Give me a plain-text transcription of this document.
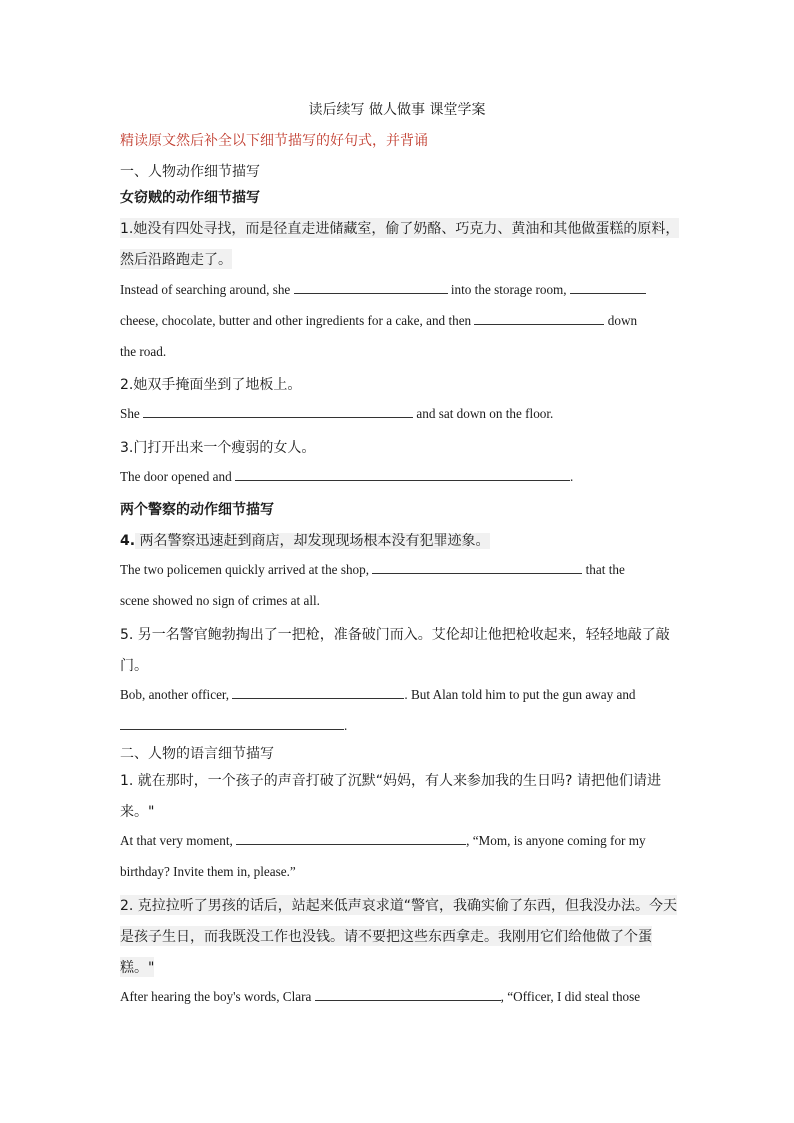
读后续写 做人做事 课堂学案
精读原文然后补全以下细节描写的好句式，并背诵
一、人物动作细节描写
女窃贼的动作细节描写
1.她没有四处寻找，而是径直走进储藏室，偷了奶酪、巧克力、黄油和其他做蛋糕的原料，
然后沿路跑走了。
Instead of searching around, she	into the storage room,
cheese, chocolate, butter and other ingredients for a cake, and then	down
the road.
2.她双手掩面坐到了地板上。
She	and sat down on the floor.
3.门打开出来一个瘦弱的女人。
The door opened and	.
两个警察的动作细节描写
4. 两名警察迅速赶到商店，却发现现场根本没有犯罪迹象。
The two policemen quickly arrived at the shop,	that the
scene showed no sign of crimes at all.
5. 另一名警官鲍勃掏出了一把枪，准备破门而入。艾伦却让他把枪收起来，轻轻地敲了敲
门。
Bob, another officer,	. But Alan told him to put the gun away and
.
二、人物的语言细节描写
1. 就在那时，一个孩子的声音打破了沉默“妈妈，有人来参加我的生日吗? 请把他们请进
来。"
At that very moment,	, “Mom, is anyone coming for my
birthday? Invite them in, please.”
2. 克拉拉听了男孩的话后，站起来低声哀求道“警官，我确实偷了东西，但我没办法。今天
是孩子生日，而我既没工作也没钱。请不要把这些东西拿走。我刚用它们给他做了个蛋
糕。"
After hearing the boy's words, Clara	, “Officer, I did steal those
